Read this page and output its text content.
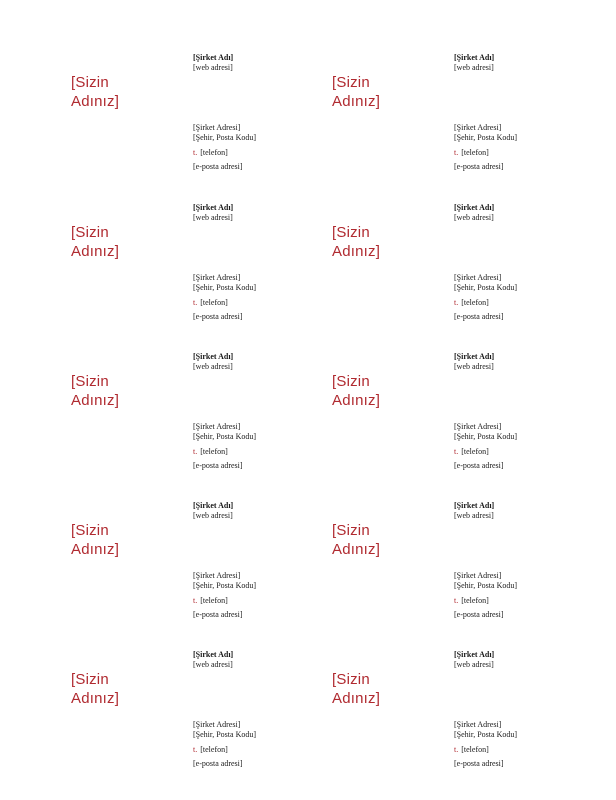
[Sizin
Adınız]
[Şirket Adı]
[web adresi]
[Şirket Adresi]
[Şehir, Posta Kodu]
t. [telefon]
[e-posta adresi]
[Sizin
Adınız]
[Şirket Adı]
[web adresi]
[Şirket Adresi]
[Şehir, Posta Kodu]
t. [telefon]
[e-posta adresi]
[Sizin
Adınız]
[Şirket Adı]
[web adresi]
[Şirket Adresi]
[Şehir, Posta Kodu]
t. [telefon]
[e-posta adresi]
[Sizin
Adınız]
[Şirket Adı]
[web adresi]
[Şirket Adresi]
[Şehir, Posta Kodu]
t. [telefon]
[e-posta adresi]
[Sizin
Adınız]
[Şirket Adı]
[web adresi]
[Şirket Adresi]
[Şehir, Posta Kodu]
t. [telefon]
[e-posta adresi]
[Sizin
Adınız]
[Şirket Adı]
[web adresi]
[Şirket Adresi]
[Şehir, Posta Kodu]
t. [telefon]
[e-posta adresi]
[Sizin
Adınız]
[Şirket Adı]
[web adresi]
[Şirket Adresi]
[Şehir, Posta Kodu]
t. [telefon]
[e-posta adresi]
[Sizin
Adınız]
[Şirket Adı]
[web adresi]
[Şirket Adresi]
[Şehir, Posta Kodu]
t. [telefon]
[e-posta adresi]
[Sizin
Adınız]
[Şirket Adı]
[web adresi]
[Şirket Adresi]
[Şehir, Posta Kodu]
t. [telefon]
[e-posta adresi]
[Sizin
Adınız]
[Şirket Adı]
[web adresi]
[Şirket Adresi]
[Şehir, Posta Kodu]
t. [telefon]
[e-posta adresi]
